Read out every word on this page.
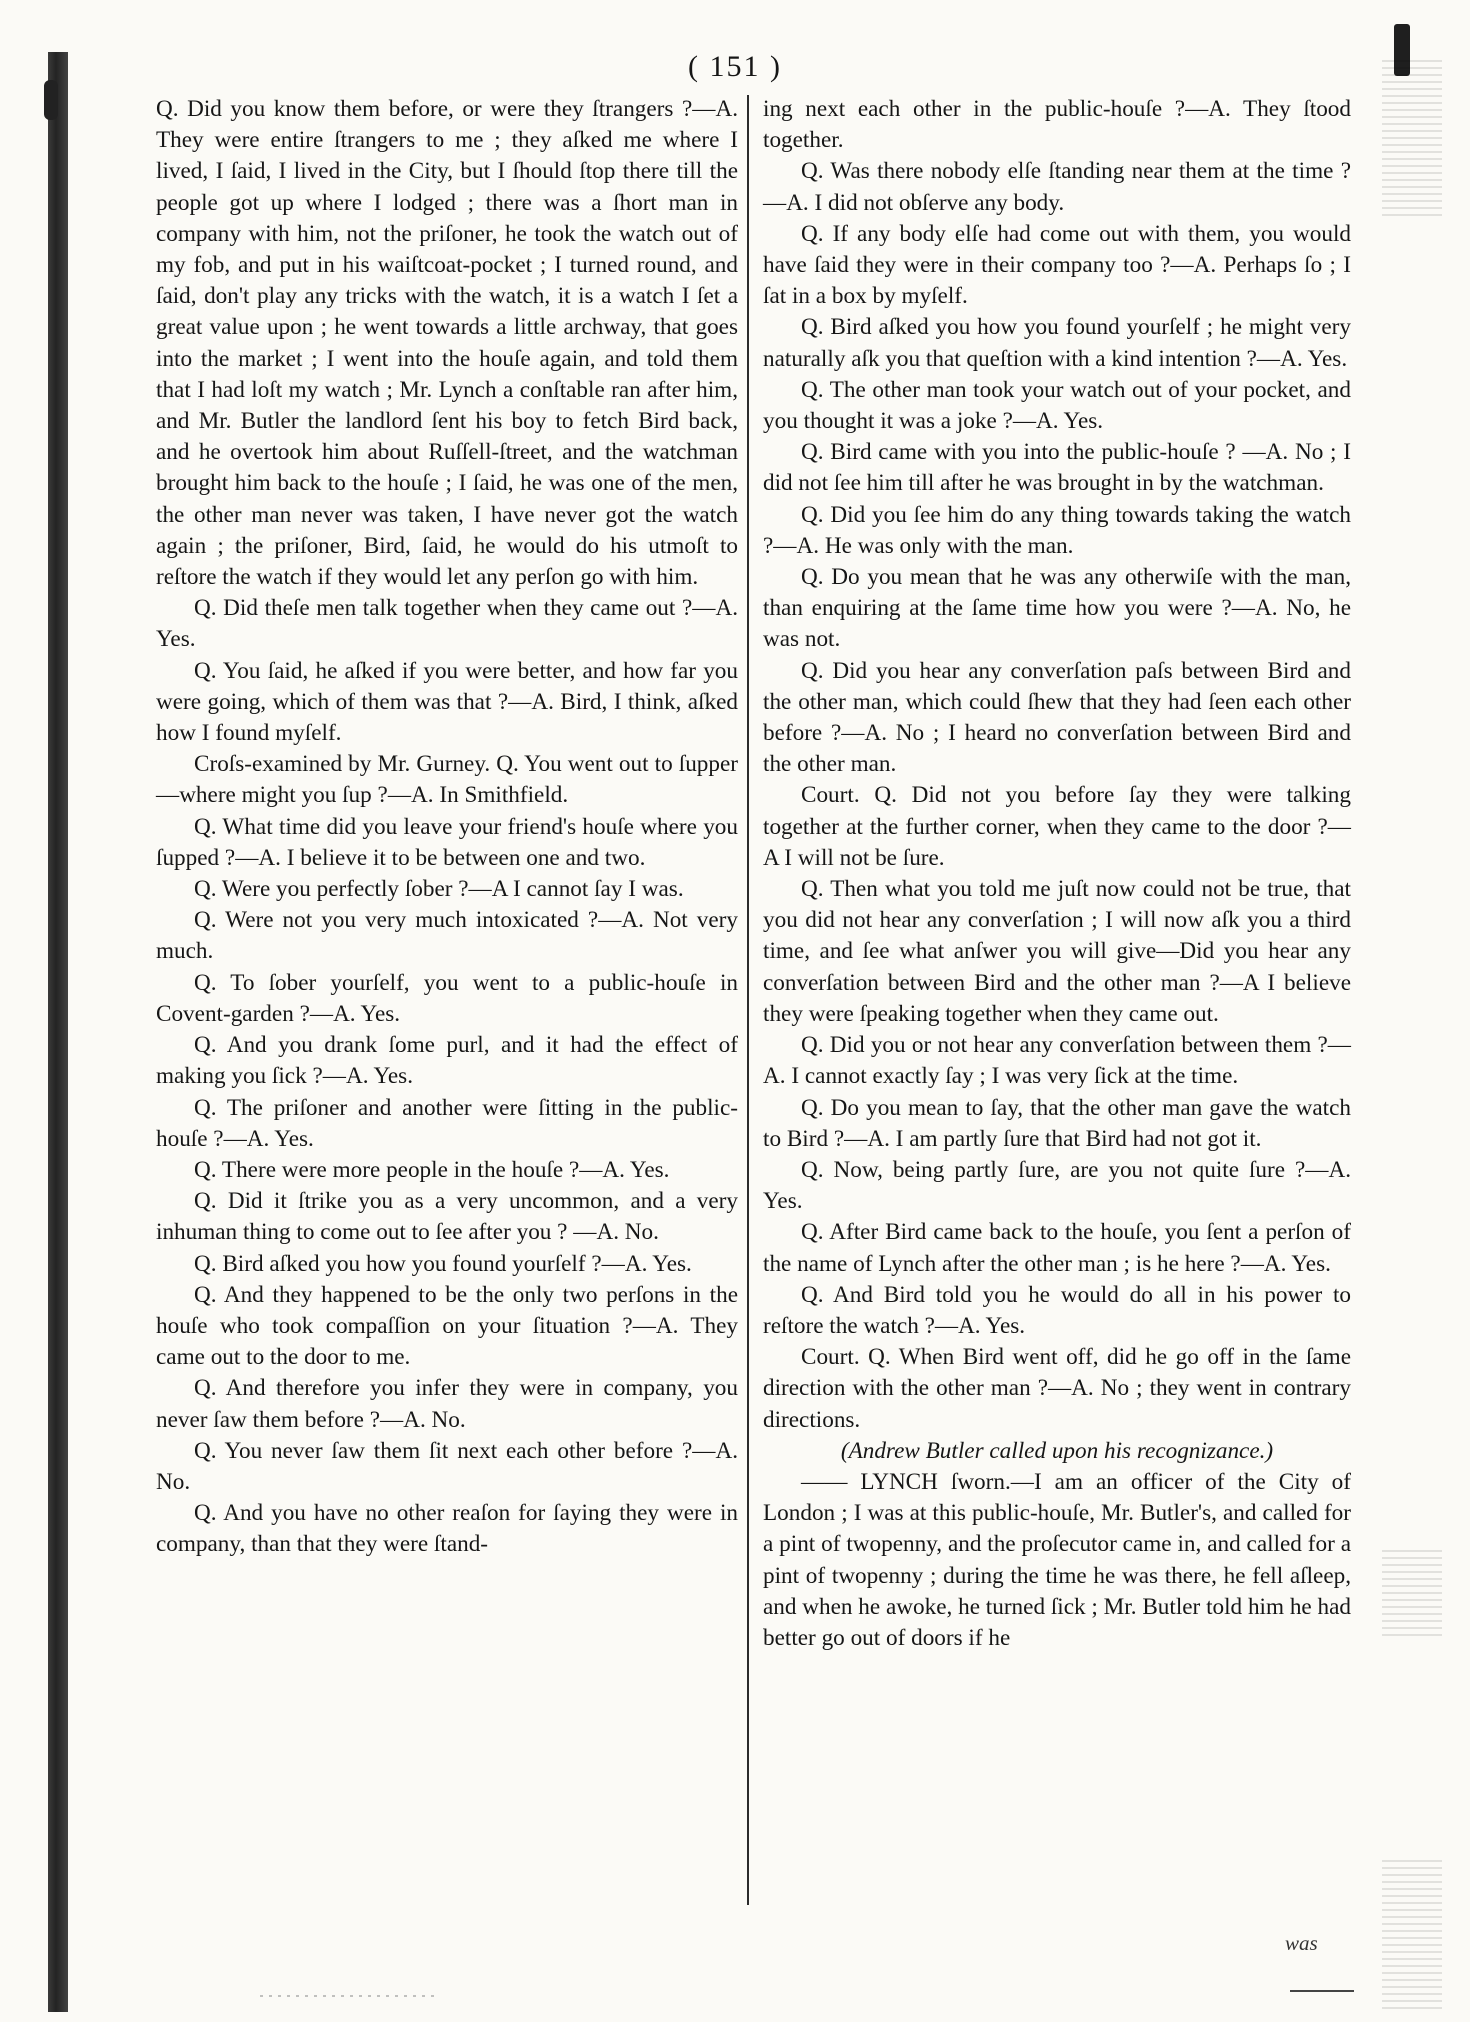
( 151 )

Q. Did you know them before, or were they ſtrangers ?—A. They were entire ſtrangers to me ; they aſked me where I lived, I ſaid, I lived in the City, but I ſhould ſtop there till the people got up where I lodged ; there was a ſhort man in company with him, not the priſoner, he took the watch out of my fob, and put in his waiſtcoat-pocket ; I turned round, and ſaid, don't play any tricks with the watch, it is a watch I ſet a great value upon ; he went towards a little archway, that goes into the market ; I went into the houſe again, and told them that I had loſt my watch ; Mr. Lynch a conſtable ran after him, and Mr. Butler the landlord ſent his boy to fetch Bird back, and he overtook him about Ruſſell-ſtreet, and the watchman brought him back to the houſe ; I ſaid, he was one of the men, the other man never was taken, I have never got the watch again ; the priſoner, Bird, ſaid, he would do his utmoſt to reſtore the watch if they would let any perſon go with him.

Q. Did theſe men talk together when they came out ?—A. Yes.

Q. You ſaid, he aſked if you were better, and how far you were going, which of them was that ?—A. Bird, I think, aſked how I found myſelf.

Croſs-examined by Mr. Gurney. Q. You went out to ſupper—where might you ſup ?—A. In Smithfield.

Q. What time did you leave your friend's houſe where you ſupped ?—A. I believe it to be between one and two.

Q. Were you perfectly ſober ?—A I cannot ſay I was.

Q. Were not you very much intoxicated ?—A. Not very much.

Q. To ſober yourſelf, you went to a public-houſe in Covent-garden ?—A. Yes.

Q. And you drank ſome purl, and it had the effect of making you ſick ?—A. Yes.

Q. The priſoner and another were ſitting in the public-houſe ?—A. Yes.

Q. There were more people in the houſe ?—A. Yes.

Q. Did it ſtrike you as a very uncommon, and a very inhuman thing to come out to ſee after you ? —A. No.

Q. Bird aſked you how you found yourſelf ?—A. Yes.

Q. And they happened to be the only two perſons in the houſe who took compaſſion on your ſituation ?—A. They came out to the door to me.

Q. And therefore you infer they were in company, you never ſaw them before ?—A. No.

Q. You never ſaw them ſit next each other before ?—A. No.

Q. And you have no other reaſon for ſaying they were in company, than that they were ſtand-

ing next each other in the public-houſe ?—A. They ſtood together.

Q. Was there nobody elſe ſtanding near them at the time ?—A. I did not obſerve any body.

Q. If any body elſe had come out with them, you would have ſaid they were in their company too ?—A. Perhaps ſo ; I ſat in a box by myſelf.

Q. Bird aſked you how you found yourſelf ; he might very naturally aſk you that queſtion with a kind intention ?—A. Yes.

Q. The other man took your watch out of your pocket, and you thought it was a joke ?—A. Yes.

Q. Bird came with you into the public-houſe ? —A. No ; I did not ſee him till after he was brought in by the watchman.

Q. Did you ſee him do any thing towards taking the watch ?—A. He was only with the man.

Q. Do you mean that he was any otherwiſe with the man, than enquiring at the ſame time how you were ?—A. No, he was not.

Q. Did you hear any converſation paſs between Bird and the other man, which could ſhew that they had ſeen each other before ?—A. No ; I heard no converſation between Bird and the other man.

Court. Q. Did not you before ſay they were talking together at the further corner, when they came to the door ?—A I will not be ſure.

Q. Then what you told me juſt now could not be true, that you did not hear any converſation ; I will now aſk you a third time, and ſee what anſwer you will give—Did you hear any converſation between Bird and the other man ?—A I believe they were ſpeaking together when they came out.

Q. Did you or not hear any converſation between them ?—A. I cannot exactly ſay ; I was very ſick at the time.

Q. Do you mean to ſay, that the other man gave the watch to Bird ?—A. I am partly ſure that Bird had not got it.

Q. Now, being partly ſure, are you not quite ſure ?—A. Yes.

Q. After Bird came back to the houſe, you ſent a perſon of the name of Lynch after the other man ; is he here ?—A. Yes.

Q. And Bird told you he would do all in his power to reſtore the watch ?—A. Yes.

Court. Q. When Bird went off, did he go off in the ſame direction with the other man ?—A. No ; they went in contrary directions.

(Andrew Butler called upon his recognizance.)

—— LYNCH ſworn.—I am an officer of the City of London ; I was at this public-houſe, Mr. Butler's, and called for a pint of twopenny, and the proſecutor came in, and called for a pint of twopenny ; during the time he was there, he fell aſleep, and when he awoke, he turned ſick ; Mr. Butler told him he had better go out of doors if he

was
